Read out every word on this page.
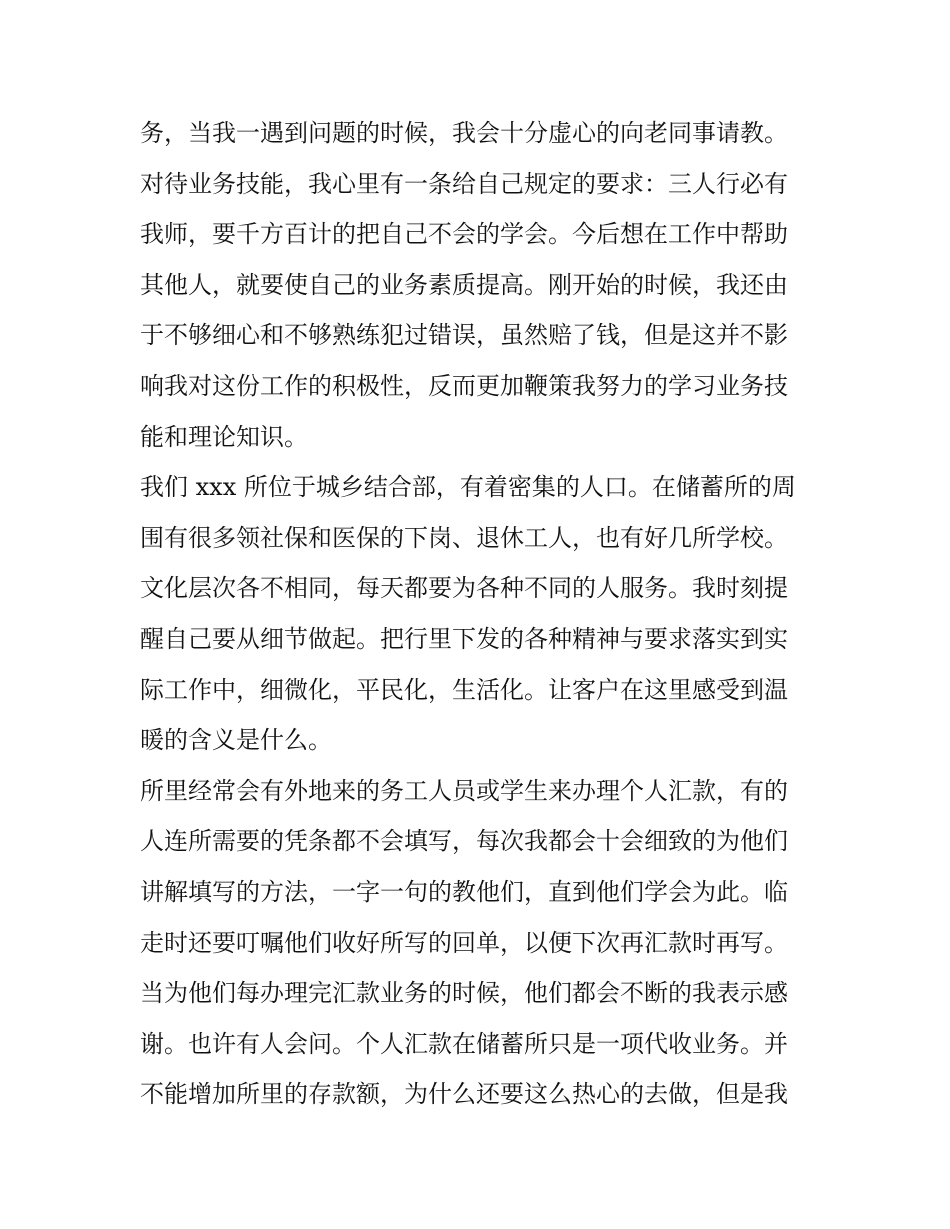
务，当我一遇到问题的时候，我会十分虚心的向老同事请教。
对待业务技能，我心里有一条给自己规定的要求：三人行必有
我师，要千方百计的把自己不会的学会。今后想在工作中帮助
其他人，就要使自己的业务素质提高。刚开始的时候，我还由
于不够细心和不够熟练犯过错误，虽然赔了钱，但是这并不影
响我对这份工作的积极性，反而更加鞭策我努力的学习业务技
能和理论知识。
我们 xxx 所位于城乡结合部，有着密集的人口。在储蓄所的周
围有很多领社保和医保的下岗、退休工人，也有好几所学校。
文化层次各不相同，每天都要为各种不同的人服务。我时刻提
醒自己要从细节做起。把行里下发的各种精神与要求落实到实
际工作中，细微化，平民化，生活化。让客户在这里感受到温
暖的含义是什么。
所里经常会有外地来的务工人员或学生来办理个人汇款，有的
人连所需要的凭条都不会填写，每次我都会十会细致的为他们
讲解填写的方法，一字一句的教他们，直到他们学会为此。临
走时还要叮嘱他们收好所写的回单，以便下次再汇款时再写。
当为他们每办理完汇款业务的时候，他们都会不断的我表示感
谢。也许有人会问。个人汇款在储蓄所只是一项代收业务。并
不能增加所里的存款额，为什么还要这么热心的去做，但是我
